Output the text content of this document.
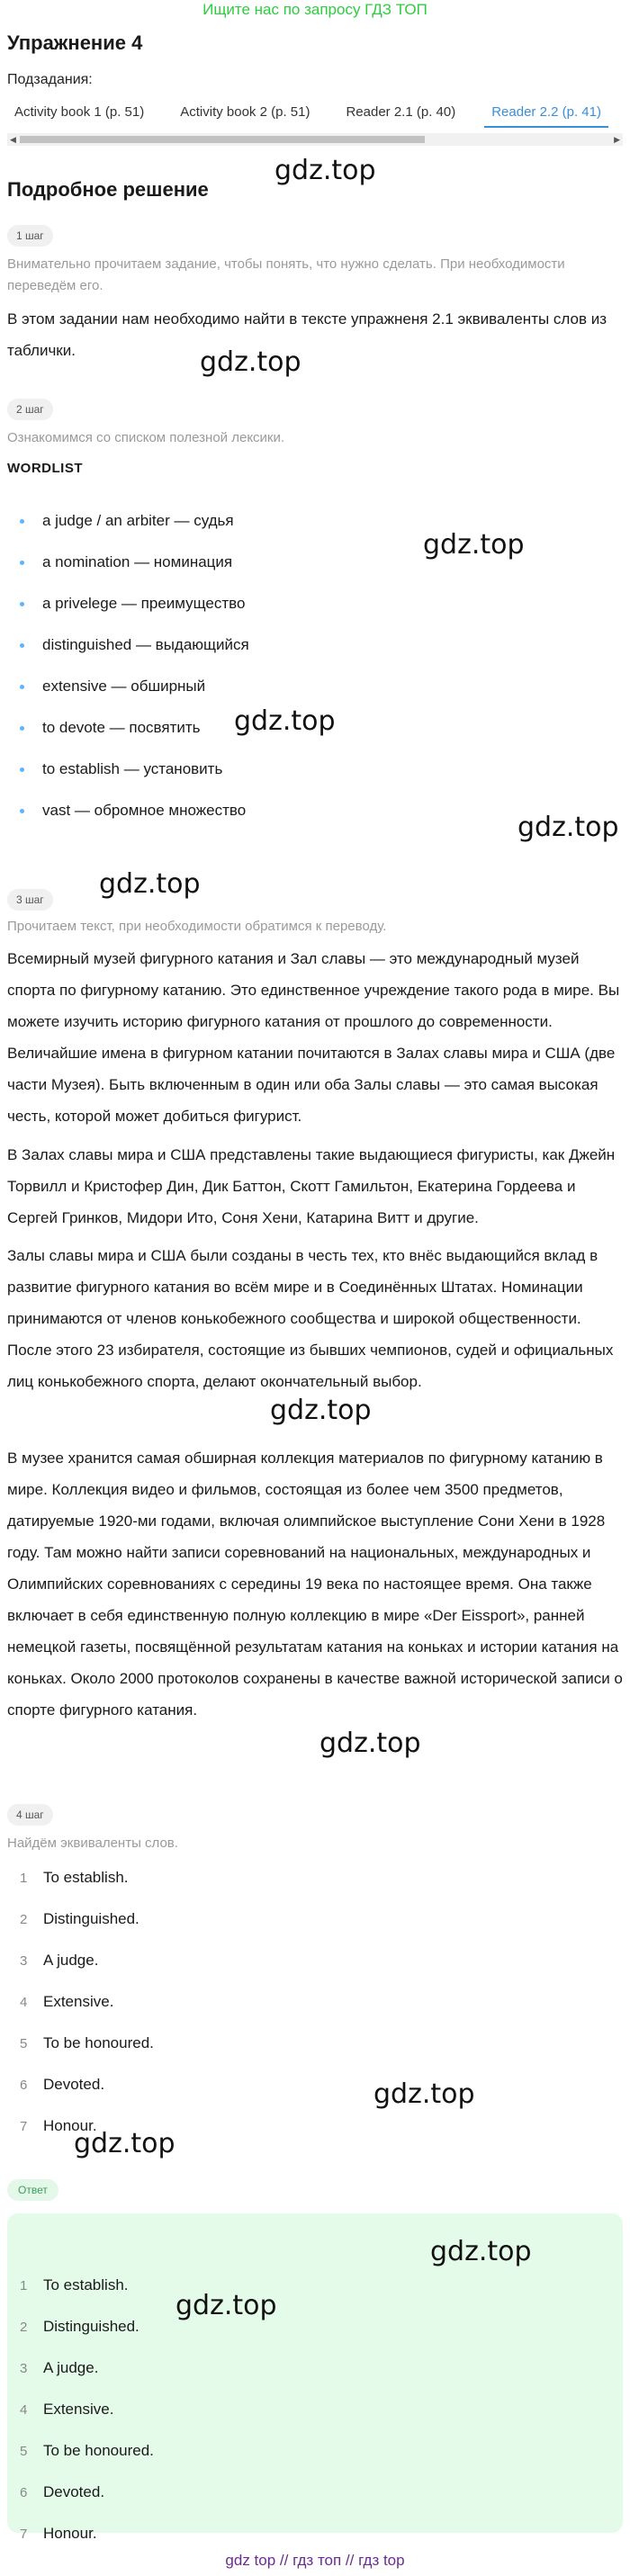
Ищите нас по запросу ГДЗ ТОП
Упражнение 4
Подзадания:
Activity book 1 (p. 51)	Activity book 2 (p. 51)	Reader 2.1 (p. 40)	Reader 2.2 (p. 41)
◀	▶
Подробное решение
1 шаг
Внимательно прочитаем задание, чтобы понять, что нужно сделать. При необходимости переведём его.
В этом задании нам необходимо найти в тексте упражненя 2.1 эквиваленты слов из таблички.
2 шаг
Ознакомимся со списком полезной лексики.
WORDLIST
a judge / an arbiter — судья
a nomination — номинация
a privelege — преимущество
distinguished — выдающийся
extensive — обширный
to devote — посвятить
to establish — установить
vast — обромное множество
3 шаг
Прочитаем текст, при необходимости обратимся к переводу.
Всемирный музей фигурного катания и Зал славы — это международный музей спорта по фигурному катанию. Это единственное учреждение такого рода в мире. Вы можете изучить историю фигурного катания от прошлого до современности. Величайшие имена в фигурном катании почитаются в Залах славы мира и США (две части Музея). Быть включенным в один или оба Залы славы — это самая высокая честь, которой может добиться фигурист.
В Залах славы мира и США представлены такие выдающиеся фигуристы, как Джейн Торвилл и Кристофер Дин, Дик Баттон, Скотт Гамильтон, Екатерина Гордеева и Сергей Гринков, Мидори Ито, Соня Хени, Катарина Витт и другие.
Залы славы мира и США были созданы в честь тех, кто внёс выдающийся вклад в развитие фигурного катания во всём мире и в Соединённых Штатах. Номинации принимаются от членов конькобежного сообщества и широкой общественности. После этого 23 избирателя, состоящие из бывших чемпионов, судей и официальных лиц конькобежного спорта, делают окончательный выбор.
В музее хранится самая обширная коллекция материалов по фигурному катанию в мире. Коллекция видео и фильмов, состоящая из более чем 3500 предметов, датируемые 1920-ми годами, включая олимпийское выступление Сони Хени в 1928 году. Там можно найти записи соревнований на национальных, международных и Олимпийских соревнованиях с середины 19 века по настоящее время. Она также включает в себя единственную полную коллекцию в мире «Der Eissport», ранней немецкой газеты, посвящённой результатам катания на коньках и истории катания на коньках. Около 2000 протоколов сохранены в качестве важной исторической записи о спорте фигурного катания.
4 шаг
Найдём эквиваленты слов.
1 To establish.
2 Distinguished.
3 A judge.
4 Extensive.
5 To be honoured.
6 Devoted.
7 Honour.
Ответ
1 To establish.
2 Distinguished.
3 A judge.
4 Extensive.
5 To be honoured.
6 Devoted.
7 Honour.
gdz.top
gdz.top
gdz.top
gdz.top
gdz.top
gdz.top
gdz.top
gdz.top
gdz.top
gdz.top
gdz.top
gdz.top
gdz top // гдз топ // гдз top
